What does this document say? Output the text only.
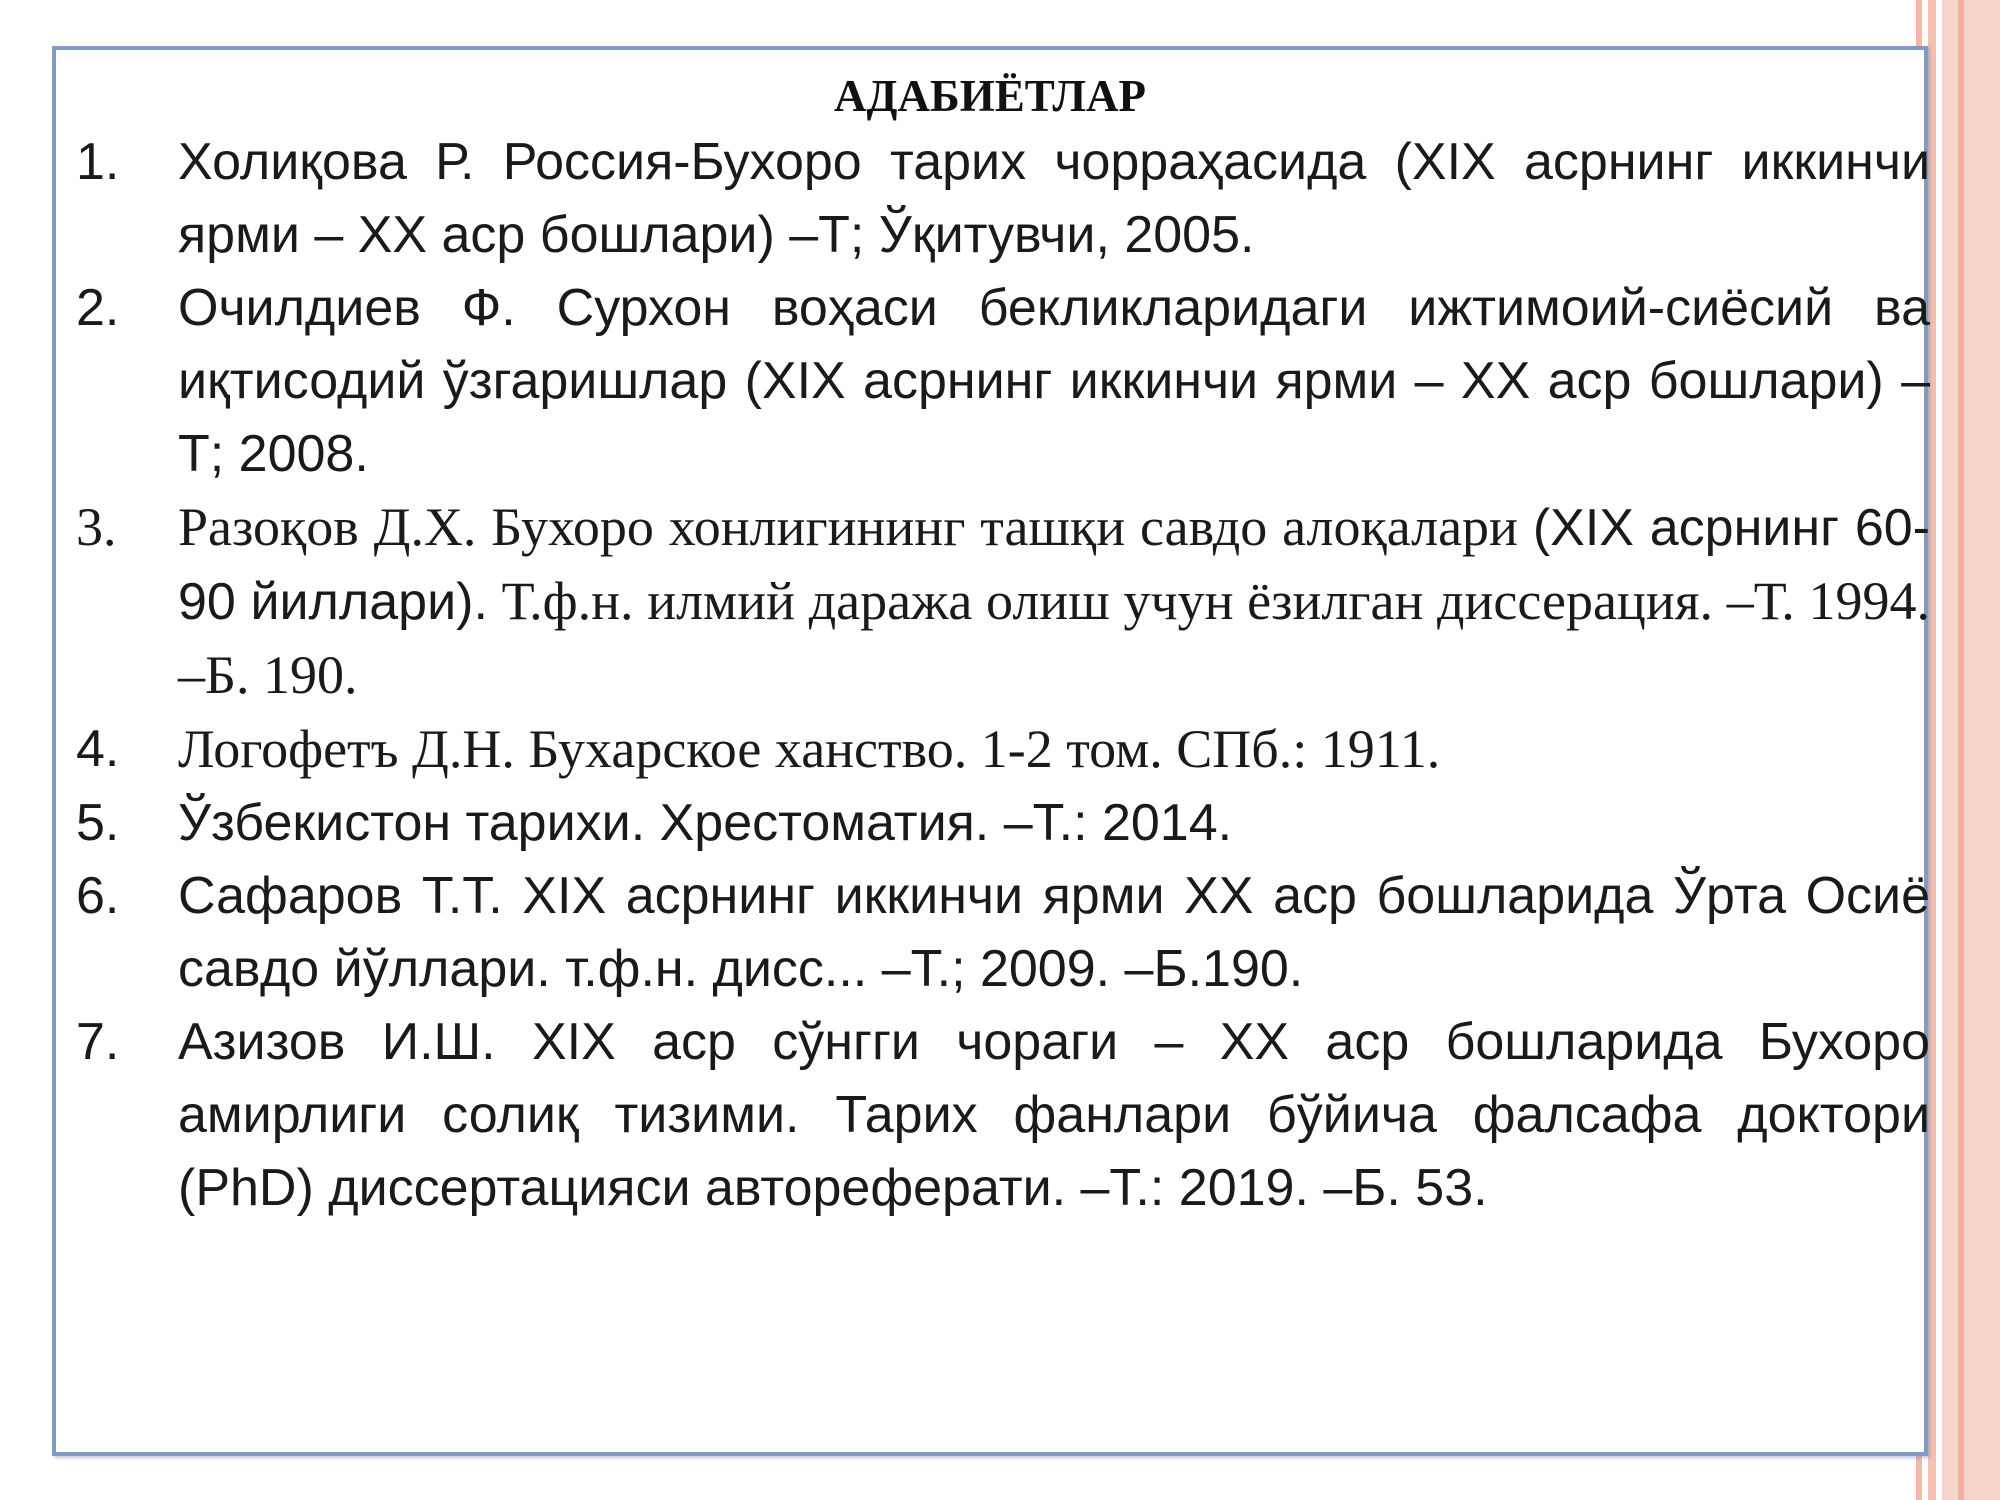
АДАБИЁТЛАР
1. Холиқова Р. Россия-Бухоро тарих чорраҳасида (XIX асрнинг иккинчи ярми – XX аср бошлари) –Т; Ўқитувчи, 2005.
2. Очилдиев Ф. Сурхон воҳаси бекликларидаги ижтимоий-сиёсий ва иқтисодий ўзгаришлар (XIX асрнинг иккинчи ярми – XX аср бошлари) –Т; 2008.
3. Разоқов Д.Х. Бухоро хонлигининг ташқи савдо алоқалари (XIX асрнинг 60-90 йиллари). Т.ф.н. илмий даража олиш учун ёзилган диссерация. –Т. 1994. –Б. 190.
4. Логофетъ Д.Н. Бухарское ханство. 1-2 том. СПб.: 1911.
5. Ўзбекистон тарихи. Хрестоматия. –Т.: 2014.
6. Сафаров Т.Т. XIX асрнинг иккинчи ярми XX аср бошларида Ўрта Осиё савдо йўллари. т.ф.н. дисс... –Т.; 2009. –Б.190.
7. Азизов И.Ш. XIX аср сўнгги чораги – XX аср бошларида Бухоро амирлиги солиқ тизими. Тарих фанлари бўйича фалсафа доктори (PhD) диссертацияси автореферати. –Т.: 2019. –Б. 53.
